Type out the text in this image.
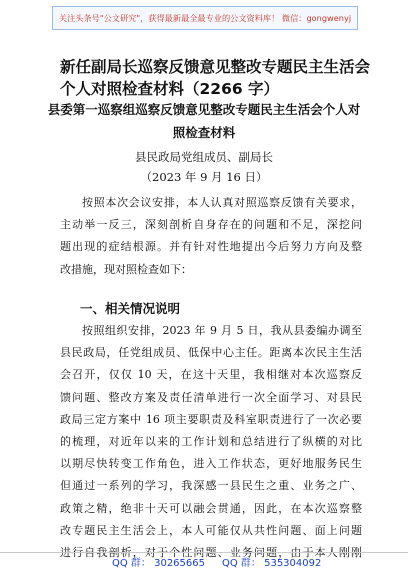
关注头条号"公文研究"，获得最新最全最专业的公文资料库！ 微信：gongwenyj
新任副局长巡察反馈意见整改专题民主生活会
个人对照检查材料（2266 字）
县委第一巡察组巡察反馈意见整改专题民主生活会个人对
照检查材料
县民政局党组成员、副局长
（2023 年 9 月 16 日）
按照本次会议安排，本人认真对照巡察反馈有关要求，
主动举一反三，深刻剖析自身存在的问题和不足，深挖问
题出现的症结根源。并有针对性地提出今后努力方向及整
改措施，现对照检查如下：
一、相关情况说明
按照组织安排，2023 年 9 月 5 日，我从县委编办调至
县民政局，任党组成员、低保中心主任。距离本次民主生活
会召开，仅仅 10 天，在这十天里，我相继对本次巡察反
馈问题、整改方案及责任清单进行一次全面学习、对县民
政局三定方案中 16 项主要职责及科室职责进行了一次必要
的梳理，对近年以来的工作计划和总结进行了纵横的对比
以期尽快转变工作角色，进入工作状态，更好地服务民生
但通过一系列的学习，我深感一县民生之重、业务之广、
政策之精，绝非十天可以融会贯通，因此，在本次巡察整
改专题民主生活会上，本人可能仅从共性问题、面上问题
进行自我剖析，对于个性问题、业务问题，由于本人刚刚
QQ 群： 30265665 QQ 群： 535304092
